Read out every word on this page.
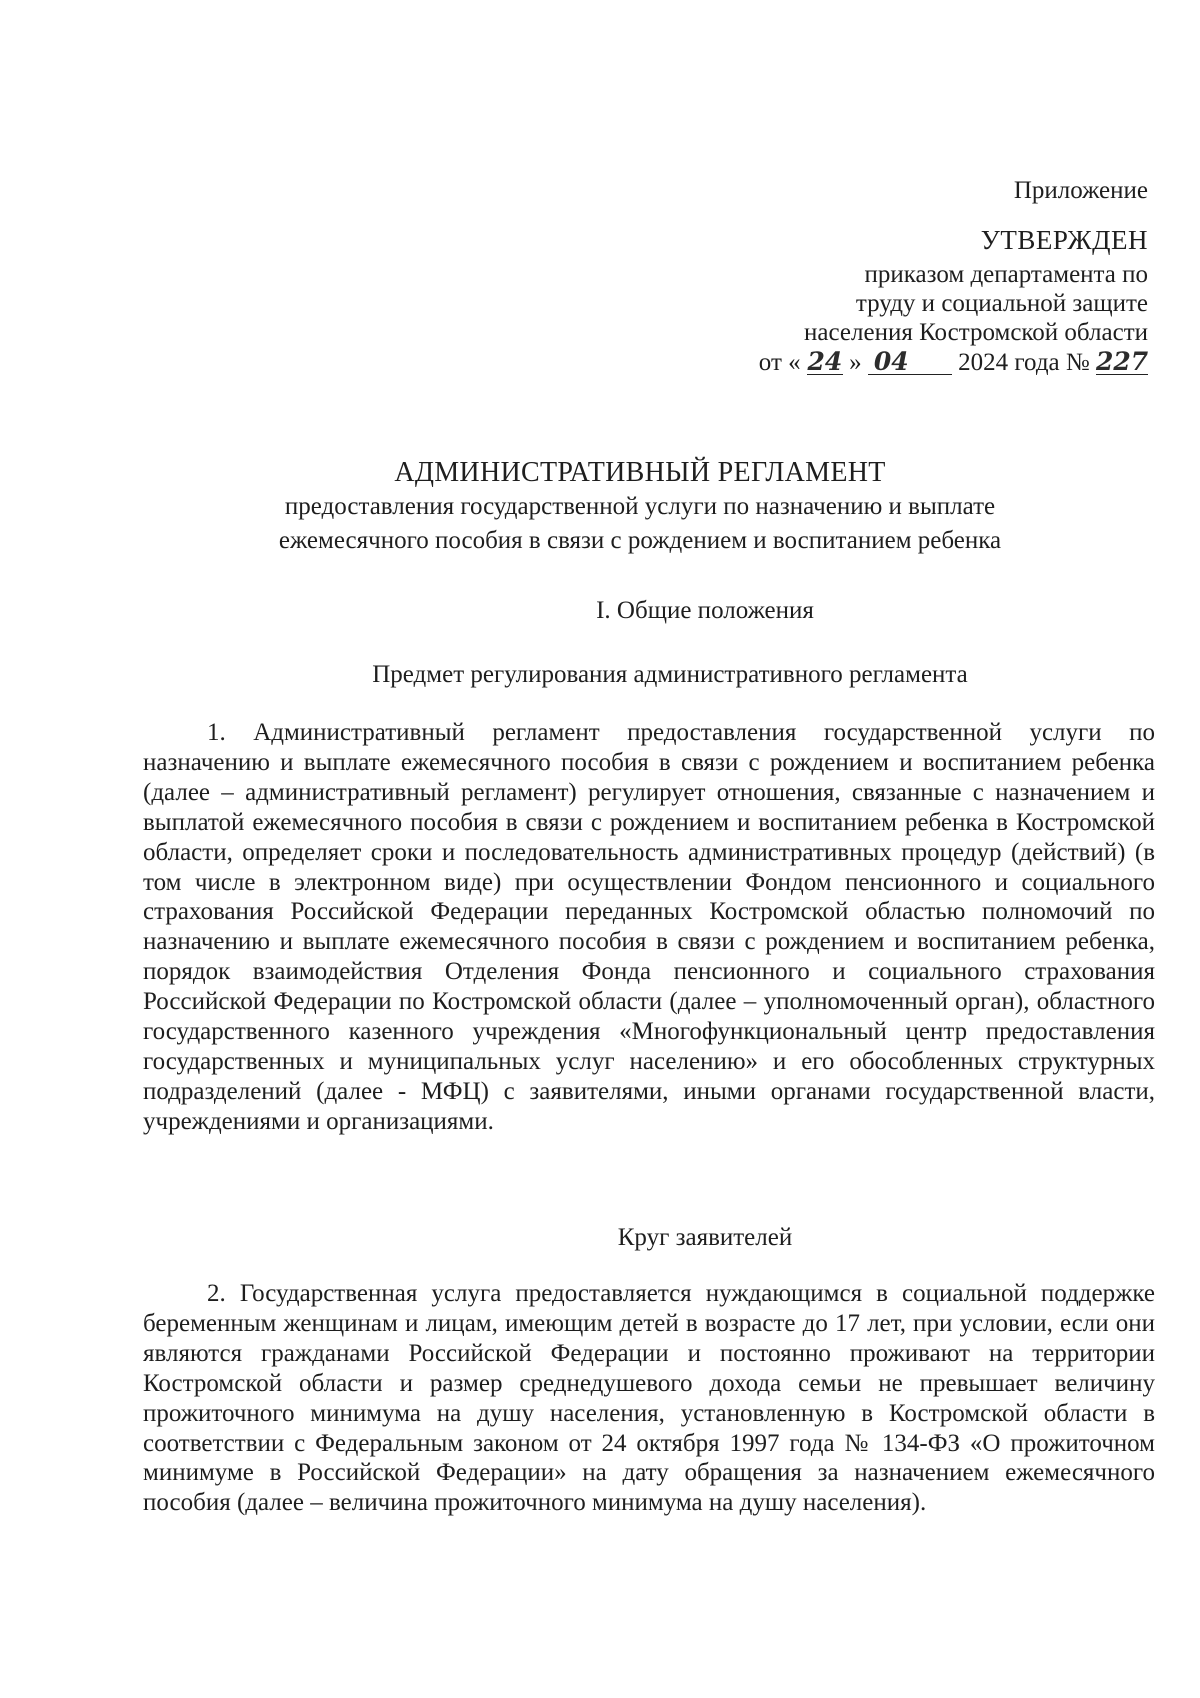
Приложение
УТВЕРЖДЕН
приказом департамента по
труду и социальной защите
населения Костромской области
от « 24 » 04 2024 года № 227
АДМИНИСТРАТИВНЫЙ РЕГЛАМЕНТ
предоставления государственной услуги по назначению и выплате
ежемесячного пособия в связи с рождением и воспитанием ребенка
I. Общие положения
Предмет регулирования административного регламента

1. Административный регламент предоставления государственной услуги по назначению и выплате ежемесячного пособия в связи с рождением и воспитанием ребенка (далее – административный регламент) регулирует отношения, связанные с назначением и выплатой ежемесячного пособия в связи с рождением и воспитанием ребенка в Костромской области, определяет сроки и последовательность административных процедур (действий) (в том числе в электронном виде) при осуществлении Фондом пенсионного и социального страхования Российской Федерации переданных Костромской областью полномочий по назначению и выплате ежемесячного пособия в связи с рождением и воспитанием ребенка, порядок взаимодействия Отделения Фонда пенсионного и социального страхования Российской Федерации по Костромской области (далее – уполномоченный орган), областного государственного казенного учреждения «Многофункциональный центр предоставления государственных и муниципальных услуг населению» и его обособленных структурных подразделений (далее - МФЦ) с заявителями, иными органами государственной власти, учреждениями и организациями.

Круг заявителей

2. Государственная услуга предоставляется нуждающимся в социальной поддержке беременным женщинам и лицам, имеющим детей в возрасте до 17 лет, при условии, если они являются гражданами Российской Федерации и постоянно проживают на территории Костромской области и размер среднедушевого дохода семьи не превышает величину прожиточного минимума на душу населения, установленную в Костромской области в соответствии с Федеральным законом от 24 октября 1997 года № 134-ФЗ «О прожиточном минимуме в Российской Федерации» на дату обращения за назначением ежемесячного пособия (далее – величина прожиточного минимума на душу населения).
